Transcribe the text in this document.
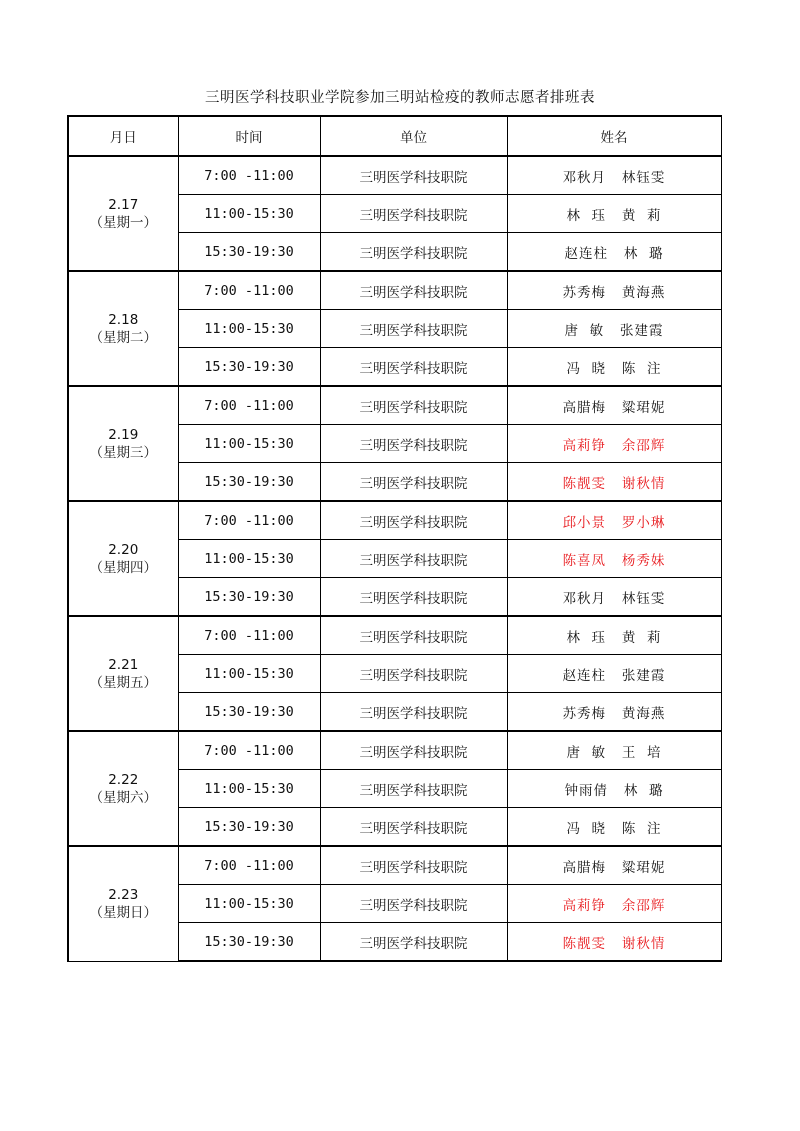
三明医学科技职业学院参加三明站检疫的教师志愿者排班表
月日	时间	单位	姓名

2.17
（星期一）	7:00 -11:00	三明医学科技职院	邓秋月   林钰雯
	11:00-15:30	三明医学科技职院	林  珏   黄  莉
	15:30-19:30	三明医学科技职院	赵连柱   林  璐

2.18
（星期二）	7:00 -11:00	三明医学科技职院	苏秀梅   黄海燕
	11:00-15:30	三明医学科技职院	唐  敏   张建霞
	15:30-19:30	三明医学科技职院	冯  晓   陈  注

2.19
（星期三）	7:00 -11:00	三明医学科技职院	高腊梅   粱珺妮
	11:00-15:30	三明医学科技职院	高莉铮   余邵辉
	15:30-19:30	三明医学科技职院	陈靓雯   谢秋情

2.20
（星期四）	7:00 -11:00	三明医学科技职院	邱小景   罗小琳
	11:00-15:30	三明医学科技职院	陈喜凤   杨秀妹
	15:30-19:30	三明医学科技职院	邓秋月   林钰雯

2.21
（星期五）	7:00 -11:00	三明医学科技职院	林  珏   黄  莉
	11:00-15:30	三明医学科技职院	赵连柱   张建霞
	15:30-19:30	三明医学科技职院	苏秀梅   黄海燕

2.22
（星期六）	7:00 -11:00	三明医学科技职院	唐  敏   王  培
	11:00-15:30	三明医学科技职院	钟雨倩   林  璐
	15:30-19:30	三明医学科技职院	冯  晓   陈  注

2.23
（星期日）	7:00 -11:00	三明医学科技职院	高腊梅   粱珺妮
	11:00-15:30	三明医学科技职院	高莉铮   余邵辉
	15:30-19:30	三明医学科技职院	陈靓雯   谢秋情
